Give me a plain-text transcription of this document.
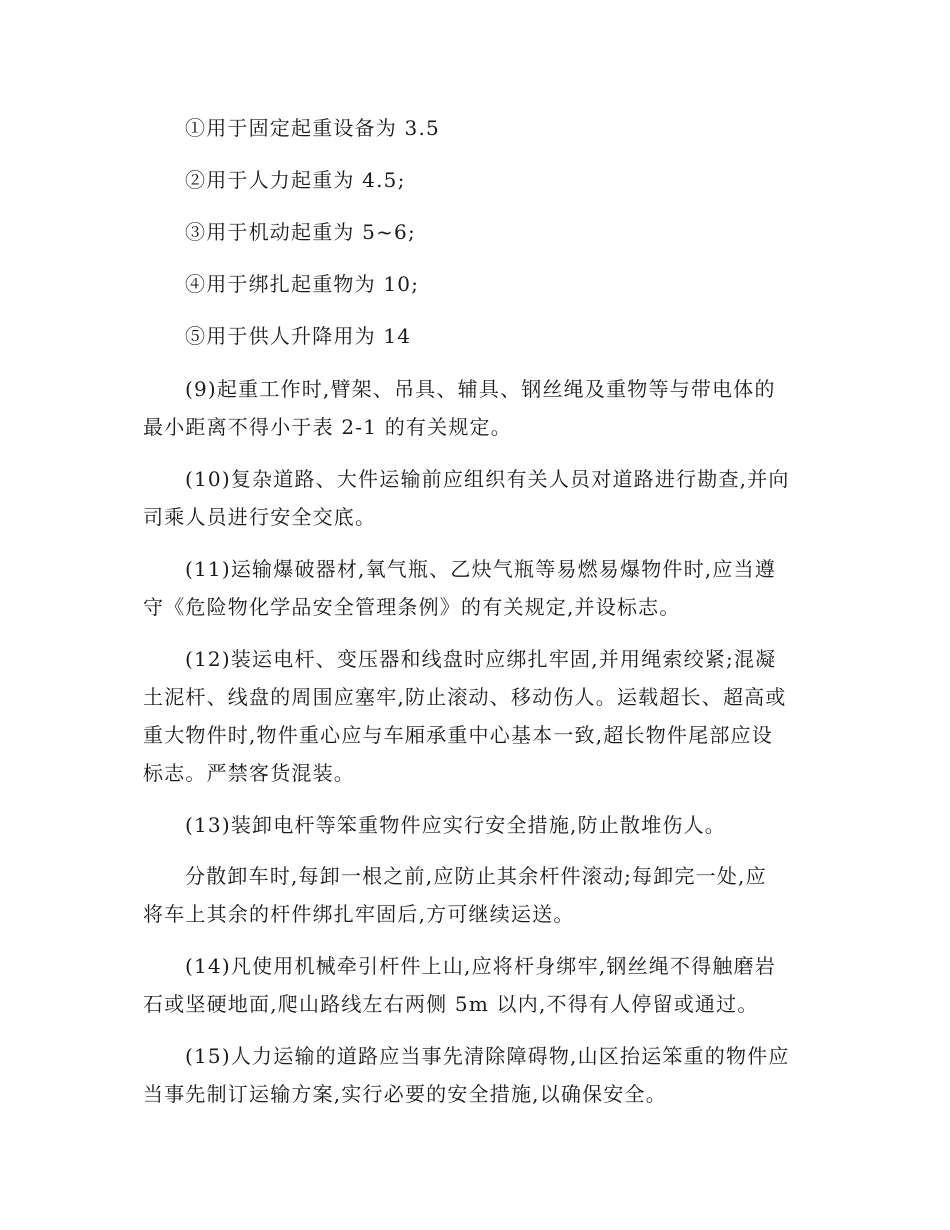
①用于固定起重设备为 3.5
②用于人力起重为 4.5;
③用于机动起重为 5~6;
④用于绑扎起重物为 10;
⑤用于供人升降用为 14
(9)起重工作时,臂架、吊具、辅具、钢丝绳及重物等与带电体的
最小距离不得小于表 2-1 的有关规定。
(10)复杂道路、大件运输前应组织有关人员对道路进行勘查,并向
司乘人员进行安全交底。
(11)运输爆破器材,氧气瓶、乙炔气瓶等易燃易爆物件时,应当遵
守《危险物化学品安全管理条例》的有关规定,并设标志。
(12)装运电杆、变压器和线盘时应绑扎牢固,并用绳索绞紧;混凝
土泥杆、线盘的周围应塞牢,防止滚动、移动伤人。运载超长、超高或
重大物件时,物件重心应与车厢承重中心基本一致,超长物件尾部应设
标志。严禁客货混装。
(13)装卸电杆等笨重物件应实行安全措施,防止散堆伤人。
分散卸车时,每卸一根之前,应防止其余杆件滚动;每卸完一处,应
将车上其余的杆件绑扎牢固后,方可继续运送。
(14)凡使用机械牵引杆件上山,应将杆身绑牢,钢丝绳不得触磨岩
石或坚硬地面,爬山路线左右两侧 5m 以内,不得有人停留或通过。
(15)人力运输的道路应当事先清除障碍物,山区抬运笨重的物件应
当事先制订运输方案,实行必要的安全措施,以确保安全。
